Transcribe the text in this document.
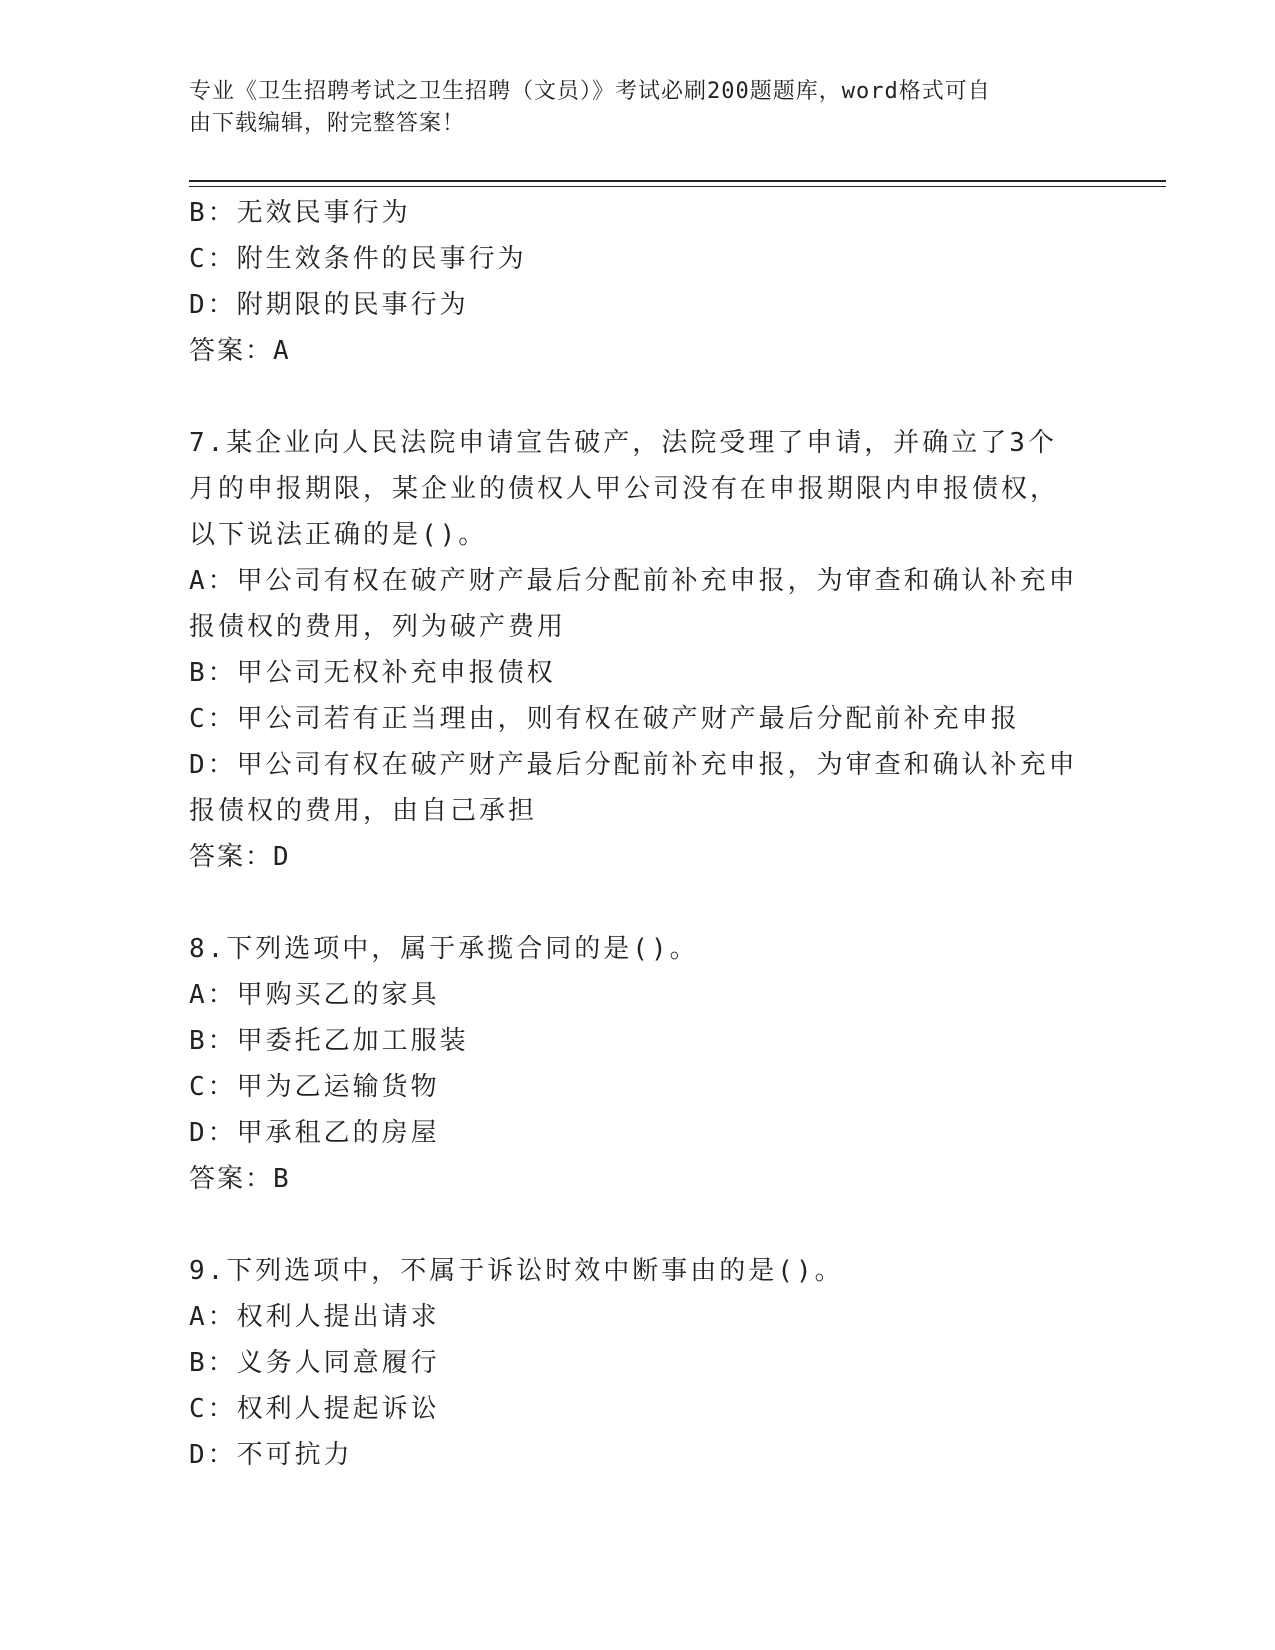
专业《卫生招聘考试之卫生招聘（文员）》考试必刷200题题库，word格式可自
由下载编辑，附完整答案！
B：无效民事行为
C：附生效条件的民事行为
D：附期限的民事行为
答案：A
7.某企业向人民法院申请宣告破产，法院受理了申请，并确立了3个
月的申报期限，某企业的债权人甲公司没有在申报期限内申报债权，
以下说法正确的是()。
A：甲公司有权在破产财产最后分配前补充申报，为审查和确认补充申
报债权的费用，列为破产费用
B：甲公司无权补充申报债权
C：甲公司若有正当理由，则有权在破产财产最后分配前补充申报
D：甲公司有权在破产财产最后分配前补充申报，为审查和确认补充申
报债权的费用，由自己承担
答案：D
8.下列选项中，属于承揽合同的是()。
A：甲购买乙的家具
B：甲委托乙加工服装
C：甲为乙运输货物
D：甲承租乙的房屋
答案：B
9.下列选项中，不属于诉讼时效中断事由的是()。
A：权利人提出请求
B：义务人同意履行
C：权利人提起诉讼
D：不可抗力
